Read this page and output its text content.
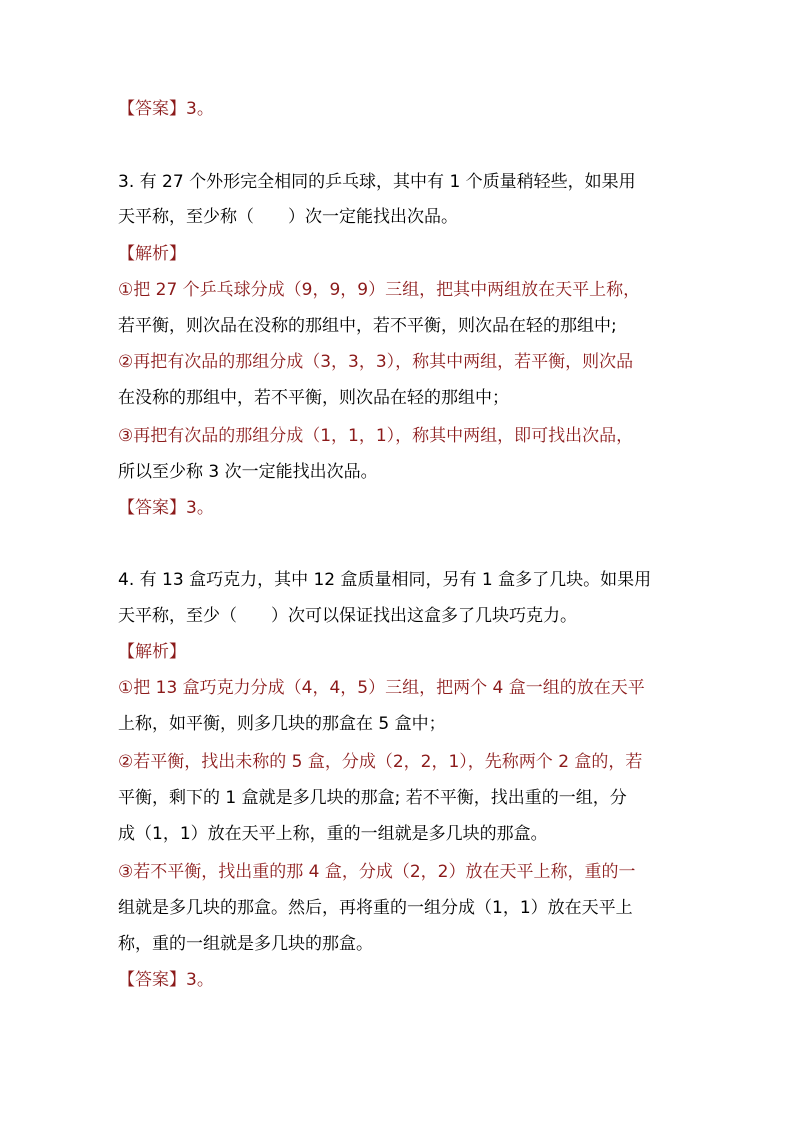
【答案】3。
3. 有 27 个外形完全相同的乒乓球，其中有 1 个质量稍轻些，如果用
天平称，至少称（　　）次一定能找出次品。
【解析】
①把 27 个乒乓球分成（9，9，9）三组，把其中两组放在天平上称，
若平衡，则次品在没称的那组中，若不平衡，则次品在轻的那组中;
②再把有次品的那组分成（3，3，3），称其中两组，若平衡，则次品
在没称的那组中，若不平衡，则次品在轻的那组中；
③再把有次品的那组分成（1，1，1），称其中两组，即可找出次品，
所以至少称 3 次一定能找出次品。
【答案】3。
4. 有 13 盒巧克力，其中 12 盒质量相同，另有 1 盒多了几块。如果用
天平称，至少（　　）次可以保证找出这盒多了几块巧克力。
【解析】
①把 13 盒巧克力分成（4，4，5）三组，把两个 4 盒一组的放在天平
上称，如平衡，则多几块的那盒在 5 盒中；
②若平衡，找出未称的 5 盒，分成（2，2，1），先称两个 2 盒的，若
平衡，剩下的 1 盒就是多几块的那盒; 若不平衡，找出重的一组，分
成（1，1）放在天平上称，重的一组就是多几块的那盒。
③若不平衡，找出重的那 4 盒，分成（2，2）放在天平上称，重的一
组就是多几块的那盒。然后，再将重的一组分成（1，1）放在天平上
称，重的一组就是多几块的那盒。
【答案】3。
